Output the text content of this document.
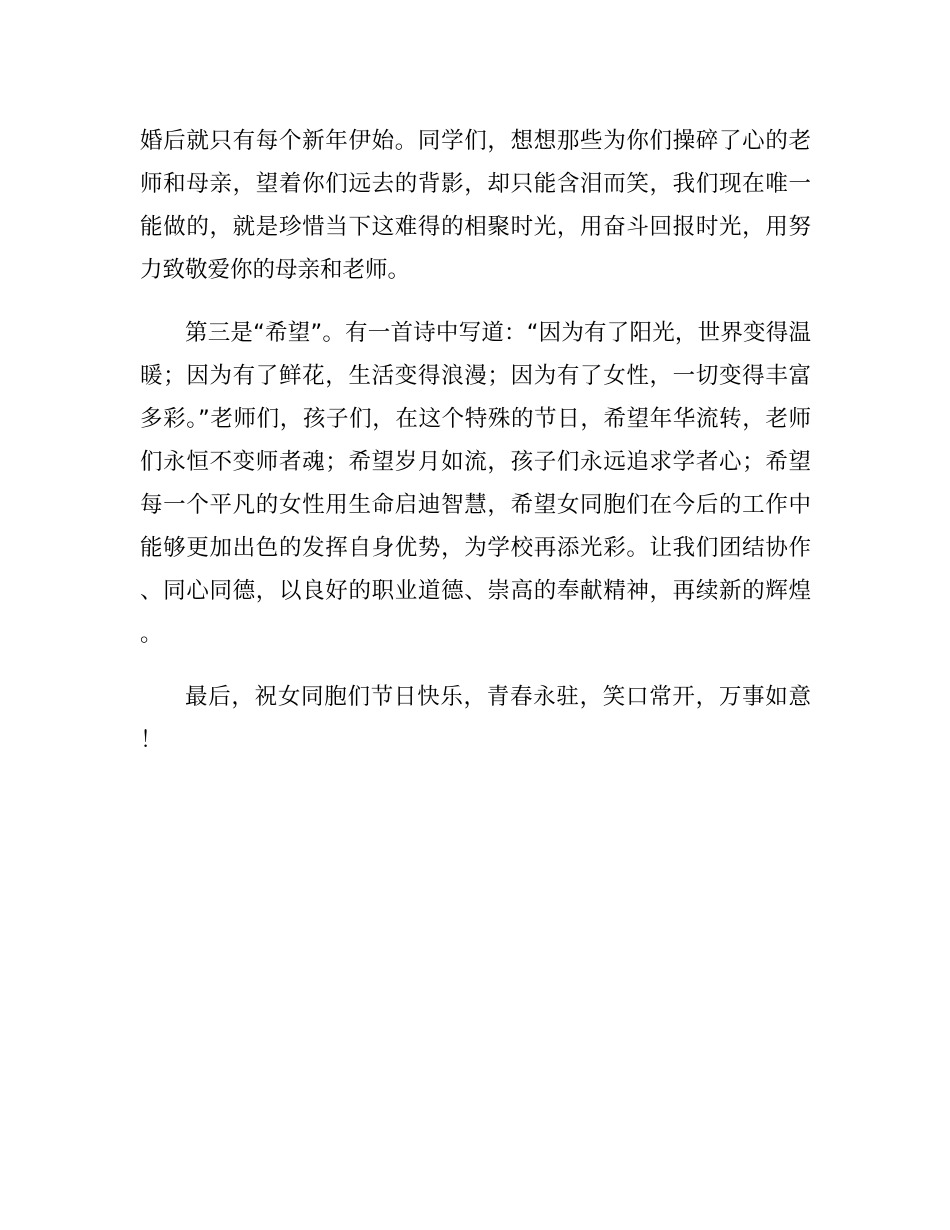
婚后就只有每个新年伊始。同学们，想想那些为你们操碎了心的老师和母亲，望着你们远去的背影，却只能含泪而笑，我们现在唯一能做的，就是珍惜当下这难得的相聚时光，用奋斗回报时光，用努力致敬爱你的母亲和老师。

第三是“希望”。有一首诗中写道：“因为有了阳光，世界变得温暖；因为有了鲜花，生活变得浪漫；因为有了女性，一切变得丰富多彩。”老师们，孩子们，在这个特殊的节日，希望年华流转，老师们永恒不变师者魂；希望岁月如流，孩子们永远追求学者心；希望每一个平凡的女性用生命启迪智慧，希望女同胞们在今后的工作中能够更加出色的发挥自身优势，为学校再添光彩。让我们团结协作、同心同德，以良好的职业道德、崇高的奉献精神，再续新的辉煌。

最后，祝女同胞们节日快乐，青春永驻，笑口常开，万事如意！
